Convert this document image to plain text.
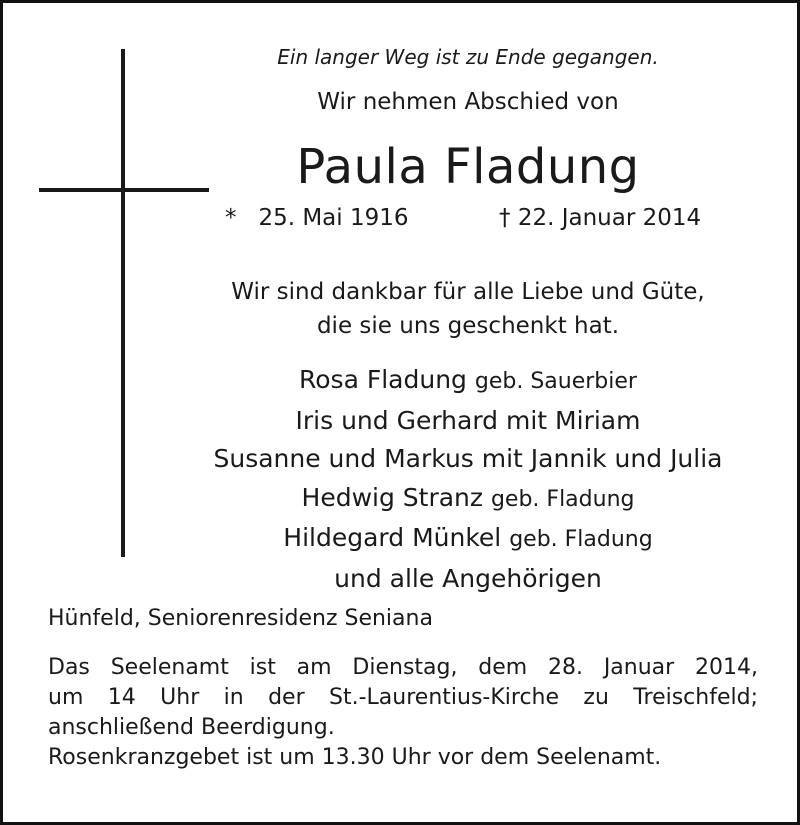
Ein langer Weg ist zu Ende gegangen.
Wir nehmen Abschied von
Paula Fladung
* 25. Mai 1916	† 22. Januar 2014
Wir sind dankbar für alle Liebe und Güte,
die sie uns geschenkt hat.
Rosa Fladung geb. Sauerbier
Iris und Gerhard mit Miriam
Susanne und Markus mit Jannik und Julia
Hedwig Stranz geb. Fladung
Hildegard Münkel geb. Fladung
und alle Angehörigen
Hünfeld, Seniorenresidenz Seniana
Das Seelenamt ist am Dienstag, dem 28. Januar 2014,
um 14 Uhr in der St.-Laurentius-Kirche zu Treischfeld;
anschließend Beerdigung.
Rosenkranzgebet ist um 13.30 Uhr vor dem Seelenamt.
